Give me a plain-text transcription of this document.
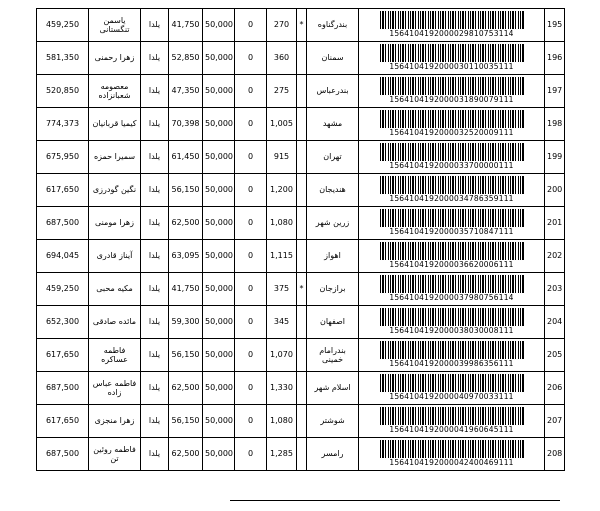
459,250	یاسمن تنگستانی	یلدا	41,750	50,000	0	270	*	بندرگناوه	1564104192000029810753114	195
581,350	زهرا رحمنی	یلدا	52,850	50,000	0	360		سمنان	1564104192000030110035111	196
520,850	معصومه شعبانزاده	یلدا	47,350	50,000	0	275		بندرعباس	1564104192000031890079111	197
774,373	کیمیا قربانیان	یلدا	70,398	50,000	0	1,005		مشهد	1564104192000032520009111	198
675,950	سمیرا حمزه	یلدا	61,450	50,000	0	915		تهران	1564104192000033700000111	199
617,650	نگین گودرزی	یلدا	56,150	50,000	0	1,200		هندیجان	1564104192000034786359111	200
687,500	زهرا مومنی	یلدا	62,500	50,000	0	1,080		زرین شهر	1564104192000035710847111	201
694,045	آیناز قادری	یلدا	63,095	50,000	0	1,115		اهواز	1564104192000036620006111	202
459,250	مکیه محبی	یلدا	41,750	50,000	0	375	*	برازجان	1564104192000037980756114	203
652,300	مائده صادقی	یلدا	59,300	50,000	0	345		اصفهان	1564104192000038030008111	204
617,650	فاطمه عساکره	یلدا	56,150	50,000	0	1,070		بندرامام خمینی	1564104192000039986356111	205
687,500	فاطمه عباس زاده	یلدا	62,500	50,000	0	1,330		اسلام شهر	1564104192000040970033111	206
617,650	زهرا منجزی	یلدا	56,150	50,000	0	1,080		شوشتر	1564104192000041960645111	207
687,500	فاطمه روئین تن	یلدا	62,500	50,000	0	1,285		رامسر	1564104192000042400469111	208
